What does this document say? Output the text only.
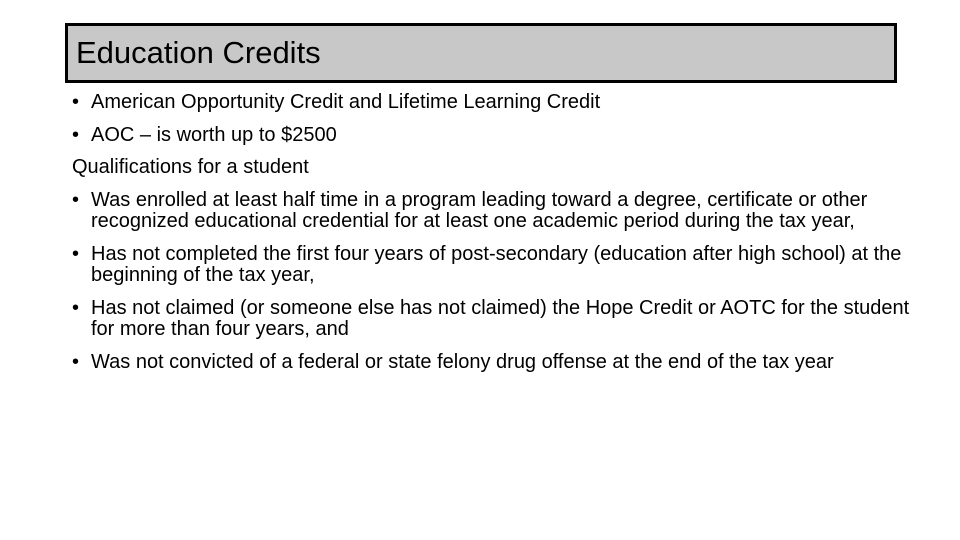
Education Credits
• American Opportunity Credit and Lifetime Learning Credit
• AOC – is worth up to $2500
Qualifications for a student
• Was enrolled at least half time in a program leading toward a degree, certificate or other recognized educational credential for at least one academic period during the tax year,
• Has not completed the first four years of post-secondary (education after high school) at the beginning of the tax year,
• Has not claimed (or someone else has not claimed) the Hope Credit or AOTC for the student for more than four years, and
• Was not convicted of a federal or state felony drug offense at the end of the tax year
